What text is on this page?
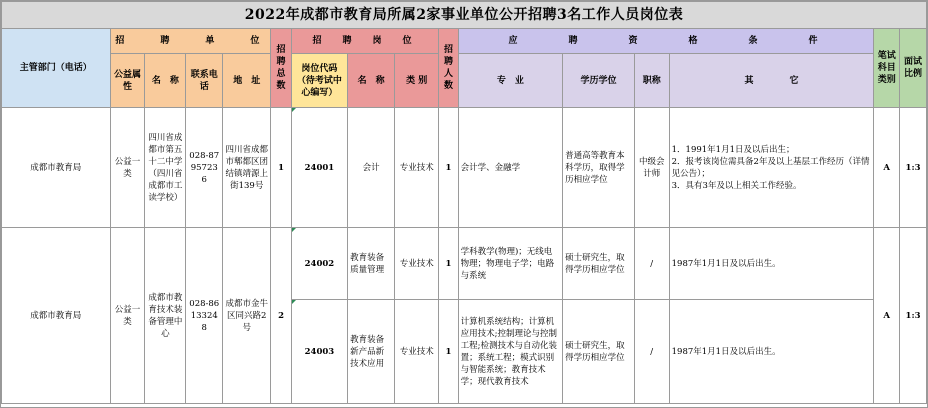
2022年成都市教育局所属2家事业单位公开招聘3名工作人员岗位表															
主管部门（电话）	招　　聘　　单　　位				招聘总数	招　聘　岗　位			招聘人数	应　　　聘　　　资　　　格　　　条　　　件				笔试科目类别	面试比例
	公益属性	名　称	联系电话	地　址		岗位代码（待考试中心编写）	名　称	类 别		专　业	学历学位	职称	其　　　　它		
成都市教育局	公益一类	四川省成都市第五十二中学（四川省成都市工读学校）	028-87957236	四川省成都市郫都区团结镇靖源上街139号	1	24001	会计	专业技术	1	会计学、金融学	普通高等教育本科学历，取得学历相应学位	中级会计师	1．1991年1月1日及以后出生；
2．报考该岗位需具备2年及以上基层工作经历（详情见公告）；
3．具有3年及以上相关工作经验。	A	1:3
成都市教育局	公益一类	成都市教育技术装备管理中心	028-86133248	成都市金牛区同兴路2号	2	24002	教育装备质量管理	专业技术	1	学科教学(物理)；无线电物理；物理电子学；电路与系统	硕士研究生，取得学历相应学位	/	1987年1月1日及以后出生。	A	1:3
						24003	教育装备新产品新技术应用	专业技术	1	计算机系统结构；计算机应用技术;控制理论与控制工程;检测技术与自动化装置；系统工程；模式识别与智能系统；教育技术学；现代教育技术	硕士研究生，取得学历相应学位	/	1987年1月1日及以后出生。		
